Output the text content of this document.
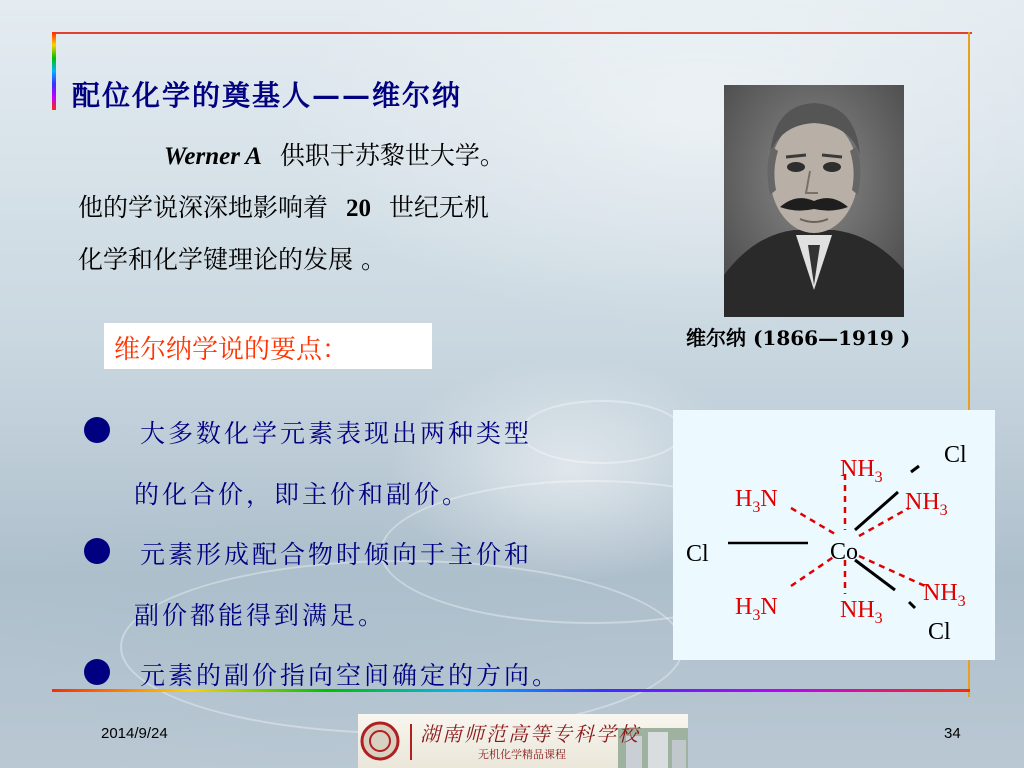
配位化学的奠基人——维尔纳
Werner A 供职于苏黎世大学。
他的学说深深地影响着 20 世纪无机
化学和化学键理论的发展 。
维尔纳 (1866—1919 )
维尔纳学说的要点：
大多数化学元素表现出两种类型
的化合价，即主价和副价。
元素形成配合物时倾向于主价和
副价都能得到满足。
元素的副价指向空间确定的方向。
Cl	Co
Cl
Cl
$NH_3$
$NH_3$
$NH_3$
$NH_3$
$H_3N$
$H_3N$
2014/9/24	34
湖南师范高等专科学校
无机化学精品课程
